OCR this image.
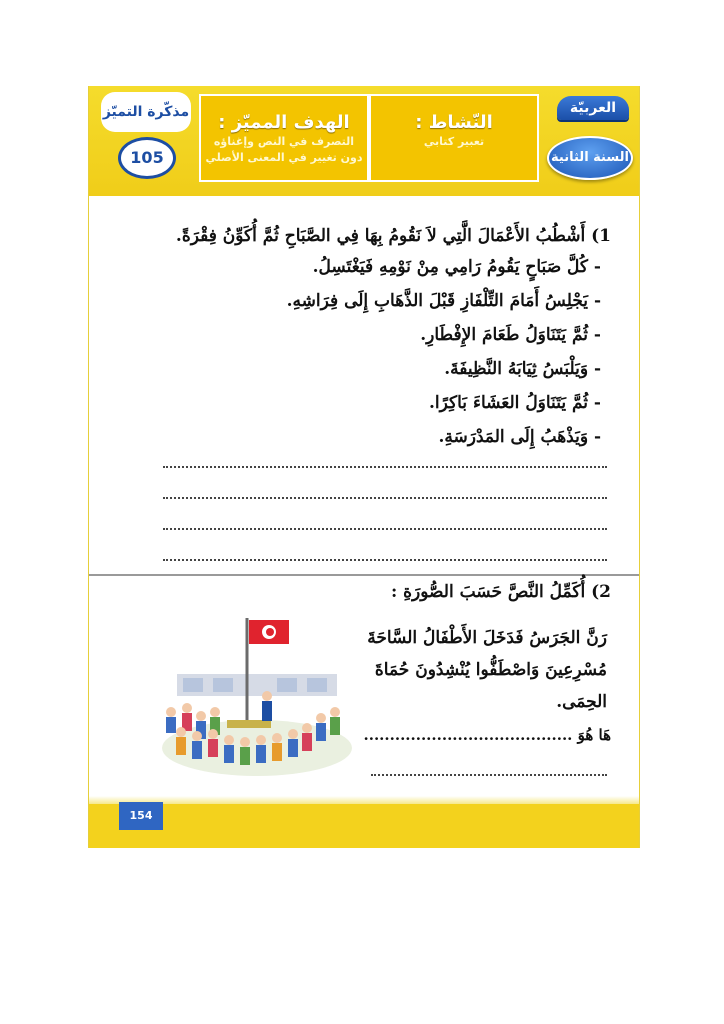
العربيّة
السنة الثانية
النّشاط :
تعبير كتابي
الهدف المميّز :
التصرف في النص وإغناؤه
دون تغيير في المعنى الأصلي
مذكّرة التميّز
105

1) أَشْطُبُ الأَعْمَالَ الَّتِي لاَ نَقُومُ بِهَا فِي الصَّبَاحِ ثُمَّ أُكَوِّنُ فِقْرَةً.

- كُلَّ صَبَاحٍ يَقُومُ رَامِي مِنْ نَوْمِهِ فَيَغْتَسِلُ.

- يَجْلِسُ أَمَامَ التِّلْفَازِ قَبْلَ الذَّهَابِ إِلَى فِرَاشِهِ.

- ثُمَّ يَتَنَاوَلُ طَعَامَ الإِفْطَارِ.

- وَيَلْبَسُ ثِيَابَهُ النَّظِيفَةَ.

- ثُمَّ يَتَنَاوَلُ العَشَاءَ بَاكِرًا.

- وَيَذْهَبُ إِلَى المَدْرَسَةِ.

2) أُكَمِّلُ النَّصَّ حَسَبَ الصُّورَةِ :

رَنَّ الجَرَسُ فَدَخَلَ الأَطْفَالُ السَّاحَةَ مُسْرِعِينَ وَاصْطَفُّوا يُنْشِدُونَ حُمَاةَ الحِمَى.

هَا هُوَ ........................................
154
